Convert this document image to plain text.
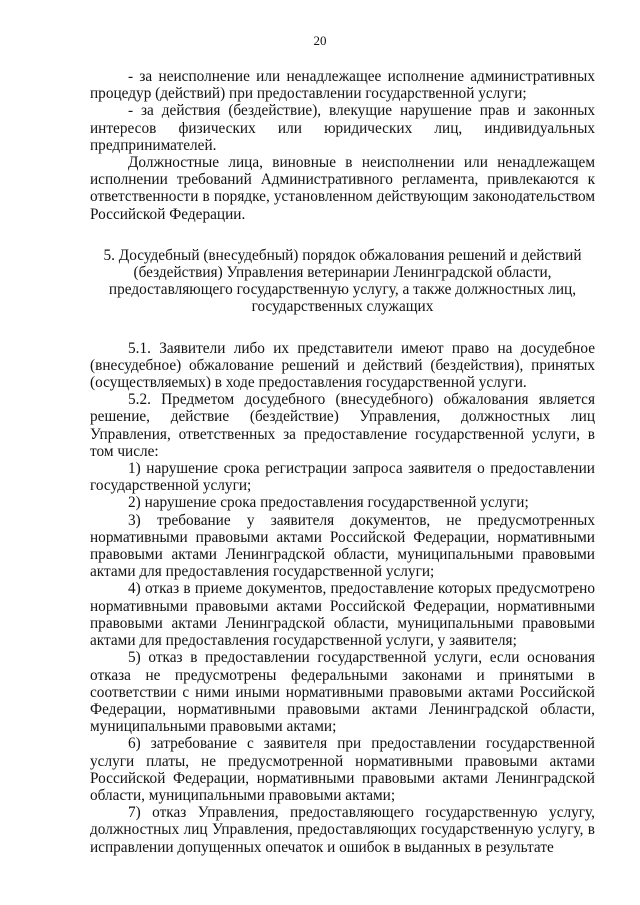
20

- за неисполнение или ненадлежащее исполнение административных процедур (действий) при предоставлении государственной услуги;

- за действия (бездействие), влекущие нарушение прав и законных интересов физических или юридических лиц, индивидуальных предпринимателей.

Должностные лица, виновные в неисполнении или ненадлежащем исполнении требований Административного регламента, привлекаются к ответственности в порядке, установленном действующим законодательством Российской Федерации.

5. Досудебный (внесудебный) порядок обжалования решений и действий
(бездействия) Управления ветеринарии Ленинградской области,
предоставляющего государственную услугу, а также должностных лиц,
государственных служащих

5.1. Заявители либо их представители имеют право на досудебное (внесудебное) обжалование решений и действий (бездействия), принятых (осуществляемых) в ходе предоставления государственной услуги.

5.2. Предметом досудебного (внесудебного) обжалования является решение, действие (бездействие) Управления, должностных лиц Управления, ответственных за предоставление государственной услуги, в том числе:

1) нарушение срока регистрации запроса заявителя о предоставлении государственной услуги;

2) нарушение срока предоставления государственной услуги;

3) требование у заявителя документов, не предусмотренных нормативными правовыми актами Российской Федерации, нормативными правовыми актами Ленинградской области, муниципальными правовыми актами для предоставления государственной услуги;

4) отказ в приеме документов, предоставление которых предусмотрено нормативными правовыми актами Российской Федерации, нормативными правовыми актами Ленинградской области, муниципальными правовыми актами для предоставления государственной услуги, у заявителя;

5) отказ в предоставлении государственной услуги, если основания отказа не предусмотрены федеральными законами и принятыми в соответствии с ними иными нормативными правовыми актами Российской Федерации, нормативными правовыми актами Ленинградской области, муниципальными правовыми актами;

6) затребование с заявителя при предоставлении государственной услуги платы, не предусмотренной нормативными правовыми актами Российской Федерации, нормативными правовыми актами Ленинградской области, муниципальными правовыми актами;

7) отказ Управления, предоставляющего государственную услугу, должностных лиц Управления, предоставляющих государственную услугу, в исправлении допущенных опечаток и ошибок в выданных в результате
